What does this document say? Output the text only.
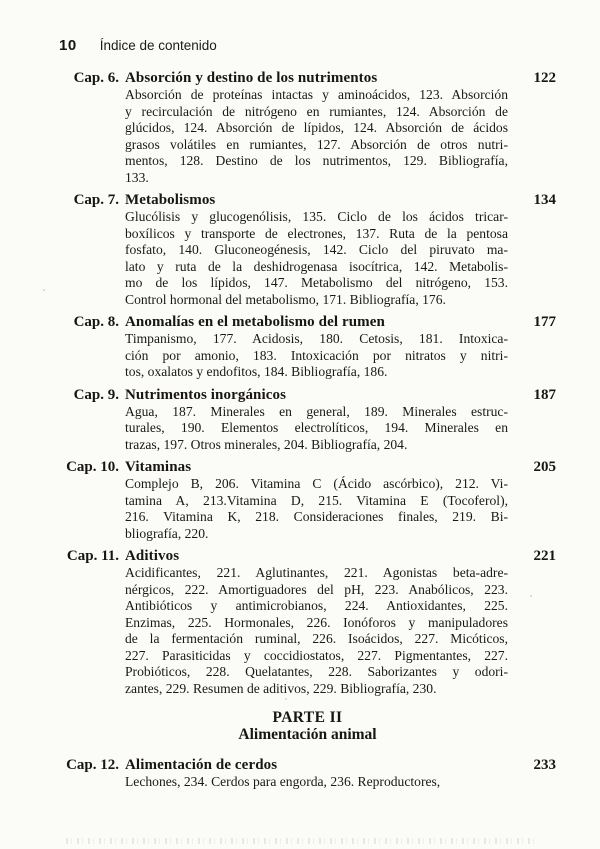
10 Índice de contenido
Cap. 6. Absorción y destino de los nutrimentos	122
Absorción de proteínas intactas y aminoácidos, 123. Absorción
y recirculación de nitrógeno en rumiantes, 124. Absorción de
glúcidos, 124. Absorción de lípidos, 124. Absorción de ácidos
grasos volátiles en rumiantes, 127. Absorción de otros nutri-
mentos, 128. Destino de los nutrimentos, 129. Bibliografía,
133.
Cap. 7. Metabolismos	134
Glucólisis y glucogenólisis, 135. Ciclo de los ácidos tricar-
boxílicos y transporte de electrones, 137. Ruta de la pentosa
fosfato, 140. Gluconeogénesis, 142. Ciclo del piruvato ma-
lato y ruta de la deshidrogenasa isocítrica, 142. Metabolis-
mo de los lípidos, 147. Metabolismo del nitrógeno, 153.
Control hormonal del metabolismo, 171. Bibliografía, 176.
Cap. 8. Anomalías en el metabolismo del rumen	177
Timpanismo, 177. Acidosis, 180. Cetosis, 181. Intoxica-
ción por amonio, 183. Intoxicación por nitratos y nitri-
tos, oxalatos y endofitos, 184. Bibliografía, 186.
Cap. 9. Nutrimentos inorgánicos	187
Agua, 187. Minerales en general, 189. Minerales estruc-
turales, 190. Elementos electrolíticos, 194. Minerales en
trazas, 197. Otros minerales, 204. Bibliografía, 204.
Cap. 10. Vitaminas	205
Complejo B, 206. Vitamina C (Ácido ascórbico), 212. Vi-
tamina A, 213.Vitamina D, 215. Vitamina E (Tocoferol),
216. Vitamina K, 218. Consideraciones finales, 219. Bi-
bliografía, 220.
Cap. 11. Aditivos	221
Acidificantes, 221. Aglutinantes, 221. Agonistas beta-adre-
nérgicos, 222. Amortiguadores del pH, 223. Anabólicos, 223.
Antibióticos y antimicrobianos, 224. Antioxidantes, 225.
Enzimas, 225. Hormonales, 226. Ionóforos y manipuladores
de la fermentación ruminal, 226. Isoácidos, 227. Micóticos,
227. Parasiticidas y coccidiostatos, 227. Pigmentantes, 227.
Probióticos, 228. Quelatantes, 228. Saborizantes y odori-
zantes, 229. Resumen de aditivos, 229. Bibliografía, 230.
PARTE II
Alimentación animal
Cap. 12. Alimentación de cerdos	233
Lechones, 234. Cerdos para engorda, 236. Reproductores,
